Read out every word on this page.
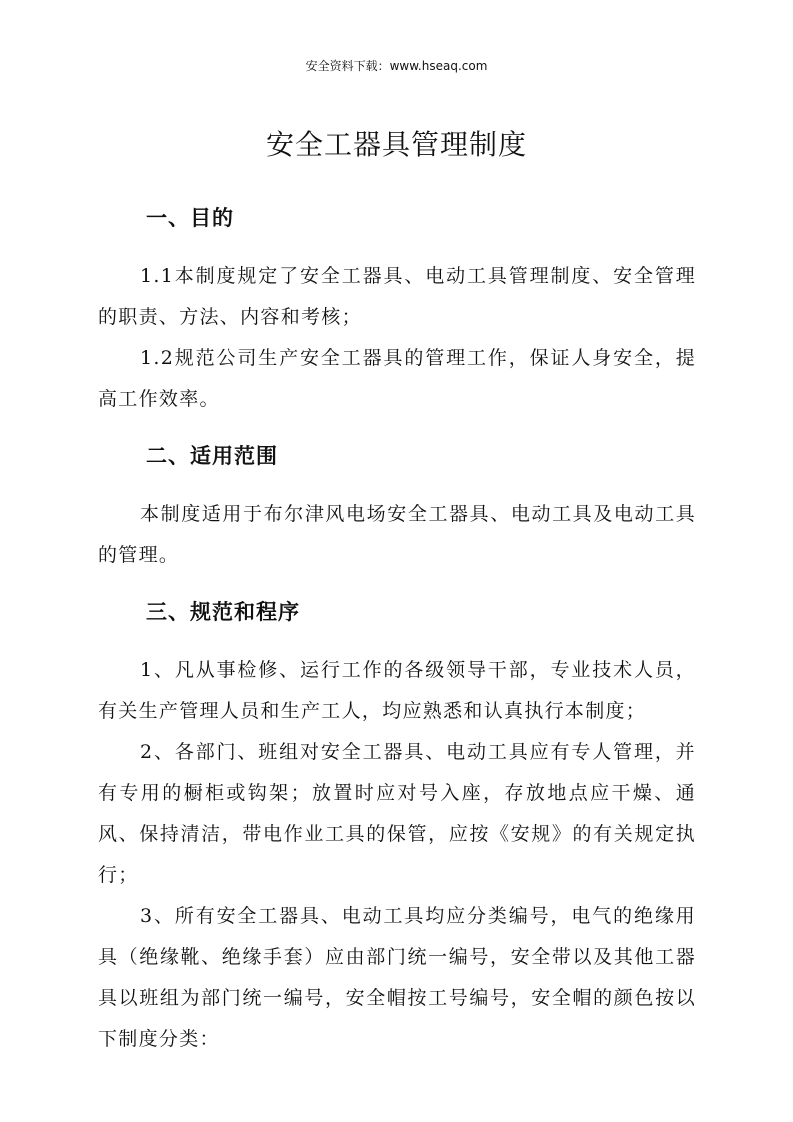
安全资料下载：www.hseaq.com
安全工器具管理制度
一、目的

1.1本制度规定了安全工器具、电动工具管理制度、安全管理的职责、方法、内容和考核；

1.2规范公司生产安全工器具的管理工作，保证人身安全，提高工作效率。

二、适用范围

本制度适用于布尔津风电场安全工器具、电动工具及电动工具的管理。

三、规范和程序

1、凡从事检修、运行工作的各级领导干部，专业技术人员，有关生产管理人员和生产工人，均应熟悉和认真执行本制度；

2、各部门、班组对安全工器具、电动工具应有专人管理，并有专用的橱柜或钩架；放置时应对号入座，存放地点应干燥、通风、保持清洁，带电作业工具的保管，应按《安规》的有关规定执行；

3、所有安全工器具、电动工具均应分类编号，电气的绝缘用具（绝缘靴、绝缘手套）应由部门统一编号，安全带以及其他工器具以班组为部门统一编号，安全帽按工号编号，安全帽的颜色按以下制度分类：
